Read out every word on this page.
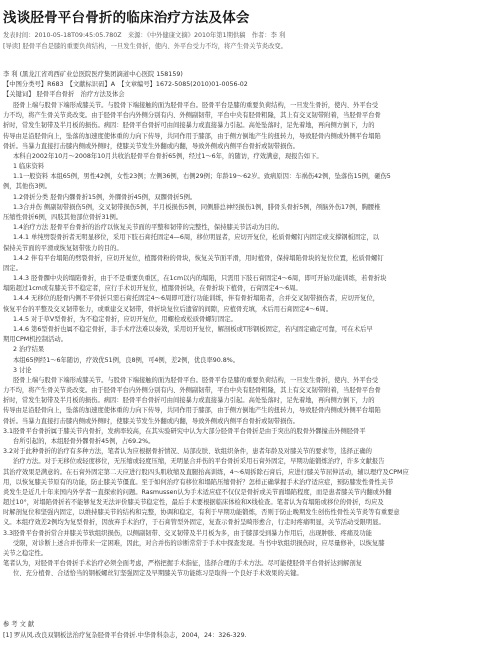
浅谈胫骨平台骨折的临床治疗方法及体会
发表时间：2010-05-18T09:45:05.780Z　来源：《中外健康文摘》2010年第1期供稿　作者：李 利
[导读] 胫骨平台是膝的重要负荷结构，一旦发生骨折，使内、外平台受力不均，将产生骨关节炎改变。
李 利 (黑龙江省鸡西矿业总医院医疗集团滴道中心医院 158159)
【中图分类号】R683　【文献标识码】A　【文章编号】1672-5085(2010)01-0056-02
【关键词】 胫骨平台骨折　治疗方法及体会
胫骨上端与股骨下端形成膝关节。与股骨下端接触的面为胫骨平台。胫骨平台是膝的重要负荷结构，一旦发生骨折，使内、外平台受
力不均，将产生骨关节炎改变。由于胫骨平台内外侧分别有内、外侧副韧带，平台中央有胫骨粗隆，其上有交叉韧带附着，当胫骨平台骨
折时，常发生韧带及半月板的损伤。病因：胫骨平台骨折可由间接暴力或直接暴力引起。高处坠落时，足先着地，再向侧方倒下，力的
传导由足沿胫骨向上，坠落的加速度使体重的力向下传导，共同作用于膝部，由于侧方倒地产生的扭转力，导致胫骨内侧或外侧平台塌陷
骨折。当暴力直接打击膝内侧或外侧时，使膝关节发生外翻或内翻，导致外侧或内侧平台骨折或韧带损伤。
本科自2002年10月～2008年10月共收治胫骨平台骨折65例，经过1～6年，的随访，疗效满意，现报告如下。
1 临床资料
1.1一般资料 本组65例，男性42例，女性23例；左侧36例，右侧29例；年龄19～62岁。致病原因：车祸伤42例，坠落伤15例，砸伤5
例，其他伤3例。
1.2骨折分类 胫骨内髁骨折15例，外髁骨折45例，双髁骨折5例。
1.3合并伤 侧副韧带损伤5例，交叉韧带损伤5例，半月板损伤5例，同侧腓总神经损伤1例，腓骨头骨折5例，颅脑外伤17例，胸腰椎
压缩性骨折6例，四肢其他部位骨折31例。
1.4治疗方法 胫骨平台骨折的治疗以恢复关节面的平整和韧带的完整性，保持膝关节活动为目的。
1.4.1 单纯劈裂骨折者无明显移位，采用下肢石膏托固定4—6周，移位明显者，应切开复位，松质骨螺钉内固定或支撑钢板固定，以
保持关节面的平滑或恢复韧带张力的目的。
1.4.2 伴有平台塌陷的劈裂骨折，应切开复位，植髂骨粉的骨块，恢复关节面平滑，用时植骨，保持塌陷骨块的复位位置，松质骨螺钉
固定。
1.4.3 胫骨髁中央的塌陷骨折，由于不是重要负重区，在1cm以内的塌陷，只需用下肢石膏固定4～6周，即可开始功能训练，若骨折块
塌陷超过1cm或有膝关节不稳定者，应行手术切开复位，植髂骨折块，在骨折块下植骨，石膏固定4～6周。
1.4.4 无移位的胫骨内侧不平骨折只需石膏托固定4～6周即可进行功能训练，伴有骨折塌陷者，合并交叉韧带损伤者，应切开复位，
恢复平台的平整及交叉韧带张力，或重建交叉韧带，骨折块复位后遗留的间隙，应植骨充填，术后用石膏固定4～6周。
1.4.5 对于草V型骨折，为不稳定骨折，应切开复位，用螺栓或松质骨螺钉固定。
1.4.6 第6型骨折也属不稳定骨折，非手术疗法难以奏效，采用切开复位，解剖板或T形钢板固定，若内固定确定可靠，可在术后早
期用CPM机控制活动。
2 治疗结果
本组65例经1～6年随访，疗效优51例，良8例，可4例，差2例，优良率90.8%。
3 讨论
胫骨上端与股骨下端形成膝关节。与股骨下端接触的面为胫骨平台。胫骨平台是膝的重要负荷结构，一旦发生骨折，使内、外平台受
力不均，将产生骨关节炎改变。由于胫骨平台内外侧分别有内、外侧副韧带，平台中央有胫骨粗隆，其上有交叉韧带附着，当胫骨平台骨
折时，常发生韧带及半月板的损伤。病因：胫骨平台骨折可由间接暴力或直接暴力引起。高处坠落时，足先着地，再向侧方倒下，力的
传导由足沿胫骨向上，坠落的加速度使体重的力向下传导，共同作用于膝部，由于侧方倒地产生的扭转力，导致胫骨内侧或外侧平台塌陷
骨折。当暴力直接打击膝内侧或外侧时，使膝关节发生外翻或内翻，导致外侧或内侧平台骨折或韧带损伤。
3.1胫骨平台骨折属于膝关节内骨折，发病率较高，在其实验研究中认为大部分胫骨平台骨折是由于突出的股骨外髁撞击外侧胫骨平
台所引起的，本组胫骨外髁骨折45例，占69.2%。
3.2对于此种骨折的治疗有多种方法，笔者认为应根据骨折情况、局部皮肤、软组织条件，患者年龄及对膝关节的要求等，选择正确的
治疗方法。对于无移位或轻度移位，无压缩或轻度压缩，无明显合并伤的平台骨折采用石膏外固定，早期功能锻炼治疗，许多文献报告
其治疗效果是满意的。在石膏外固定第二天应进行股四头肌收缩及直腿抬高训练，4～6周拆除石膏后，应进行膝关节屈伸活动，辅以理疗及CPM应
用，以恢复膝关节原有的功能，防止膝关节僵直。至于如何治疗有移位和塌陷压缩骨折？怎样正确掌握手术治疗适应症，预防膝发性骨性关节
炎发生是近几十年来国内外学者一直探索的问题。Rasmussen认为手术适应症不仅仅是骨折或关节面塌陷程度，而是患者膝关节内翻或外翻
超过10°，对塌陷骨折若不能够复发无法评价膝关节稳定性，最后手术要根据临床体检和X线检查。笔者认为有塌陷或移位的骨折，均应及
时解剖复位和坚强内固定，以维持膝关节的结构和完整，协调和稳定，有利于早期功能锻炼，否则于防止晚期发生创伤性骨性关节炎等有重要意
义。本组疗效差2例均为复型骨折，因放弃手术治疗，于石膏管型外固定，复查示骨折呈畸形愈合，行走时疼痛明显，关节活动受限明显。
3.3胫骨平台骨折常合并膝关节软组织损伤，以侧副韧带、交叉韧带及半月板为多，由于膝部受到暴力作用后，出现肿胀、疼痛及功能
受限，对诊断上述合并伤带来一定困难，因此，对合并伤的诊断常常于手术中探查发现。当书中软组织损伤时，应尽量修补，以恢复膝
关节之稳定性。
笔者认为，对胫骨平台骨折手术治疗必须全面考虑，严格把握手术指征，选择合理的手术方法。尽可能使胫骨平台骨折达到解剖复
位、充分植骨、合适恰当的钢板螺丝钉坚强固定及早期膝关节功能练习是取得一个良好手术效果的关键。
参 考 文 献
[1] 罗从风.改良双钢板法治疗复杂胫骨平台骨折.中华骨科杂志，2004，24：326-329.
